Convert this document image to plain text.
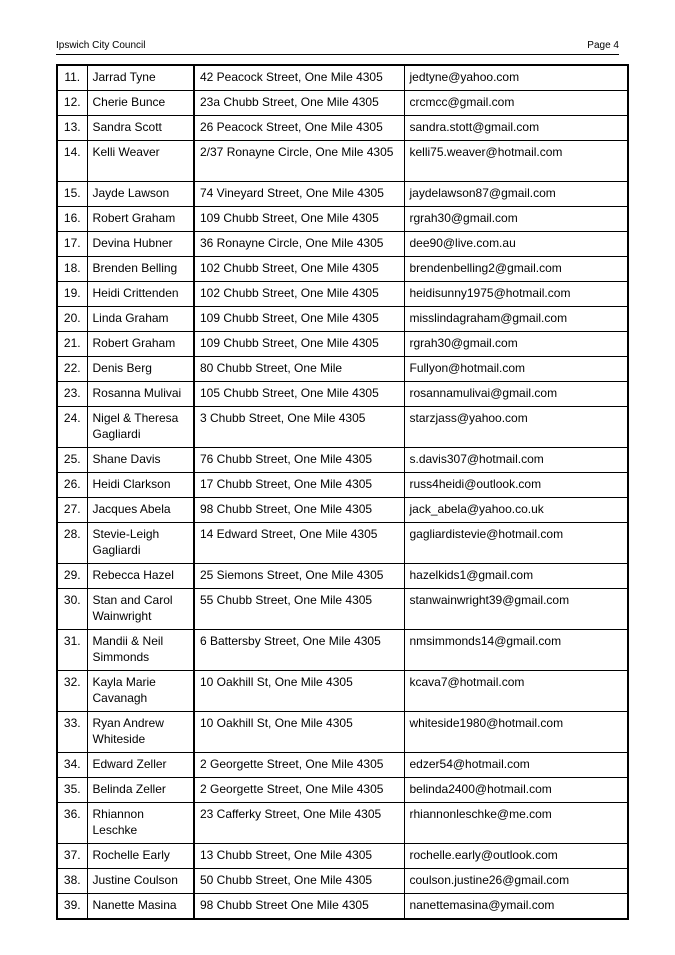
Ipswich City Council	Page 4
11.	Jarrad Tyne	42 Peacock Street, One Mile 4305	jedtyne@yahoo.com
12.	Cherie Bunce	23a Chubb Street, One Mile 4305	crcmcc@gmail.com
13.	Sandra Scott	26 Peacock Street, One Mile 4305	sandra.stott@gmail.com
14.	Kelli Weaver	2/37 Ronayne Circle, One Mile 4305	kelli75.weaver@hotmail.com
15.	Jayde Lawson	74 Vineyard Street, One Mile 4305	jaydelawson87@gmail.com
16.	Robert Graham	109 Chubb Street, One Mile 4305	rgrah30@gmail.com
17.	Devina Hubner	36 Ronayne Circle, One Mile 4305	dee90@live.com.au
18.	Brenden Belling	102 Chubb Street, One Mile 4305	brendenbelling2@gmail.com
19.	Heidi Crittenden	102 Chubb Street, One Mile 4305	heidisunny1975@hotmail.com
20.	Linda Graham	109 Chubb Street, One Mile 4305	misslindagraham@gmail.com
21.	Robert Graham	109 Chubb Street, One Mile 4305	rgrah30@gmail.com
22.	Denis Berg	80 Chubb Street, One Mile	Fullyon@hotmail.com
23.	Rosanna Mulivai	105 Chubb Street, One Mile 4305	rosannamulivai@gmail.com
24.	Nigel & Theresa Gagliardi	3 Chubb Street, One Mile 4305	starzjass@yahoo.com
25.	Shane Davis	76 Chubb Street, One Mile 4305	s.davis307@hotmail.com
26.	Heidi Clarkson	17 Chubb Street, One Mile 4305	russ4heidi@outlook.com
27.	Jacques Abela	98 Chubb Street, One Mile 4305	jack_abela@yahoo.co.uk
28.	Stevie-Leigh Gagliardi	14 Edward Street, One Mile 4305	gagliardistevie@hotmail.com
29.	Rebecca Hazel	25 Siemons Street, One Mile 4305	hazelkids1@gmail.com
30.	Stan and Carol Wainwright	55 Chubb Street, One Mile 4305	stanwainwright39@gmail.com
31.	Mandii & Neil Simmonds	6 Battersby Street, One Mile 4305	nmsimmonds14@gmail.com
32.	Kayla Marie Cavanagh	10 Oakhill St, One Mile 4305	kcava7@hotmail.com
33.	Ryan Andrew Whiteside	10 Oakhill St, One Mile 4305	whiteside1980@hotmail.com
34.	Edward Zeller	2 Georgette Street, One Mile 4305	edzer54@hotmail.com
35.	Belinda Zeller	2 Georgette Street, One Mile 4305	belinda2400@hotmail.com
36.	Rhiannon Leschke	23 Cafferky Street, One Mile 4305	rhiannonleschke@me.com
37.	Rochelle Early	13 Chubb Street, One Mile 4305	rochelle.early@outlook.com
38.	Justine Coulson	50 Chubb Street, One Mile 4305	coulson.justine26@gmail.com
39.	Nanette Masina	98 Chubb Street One Mile 4305	nanettemasina@ymail.com
